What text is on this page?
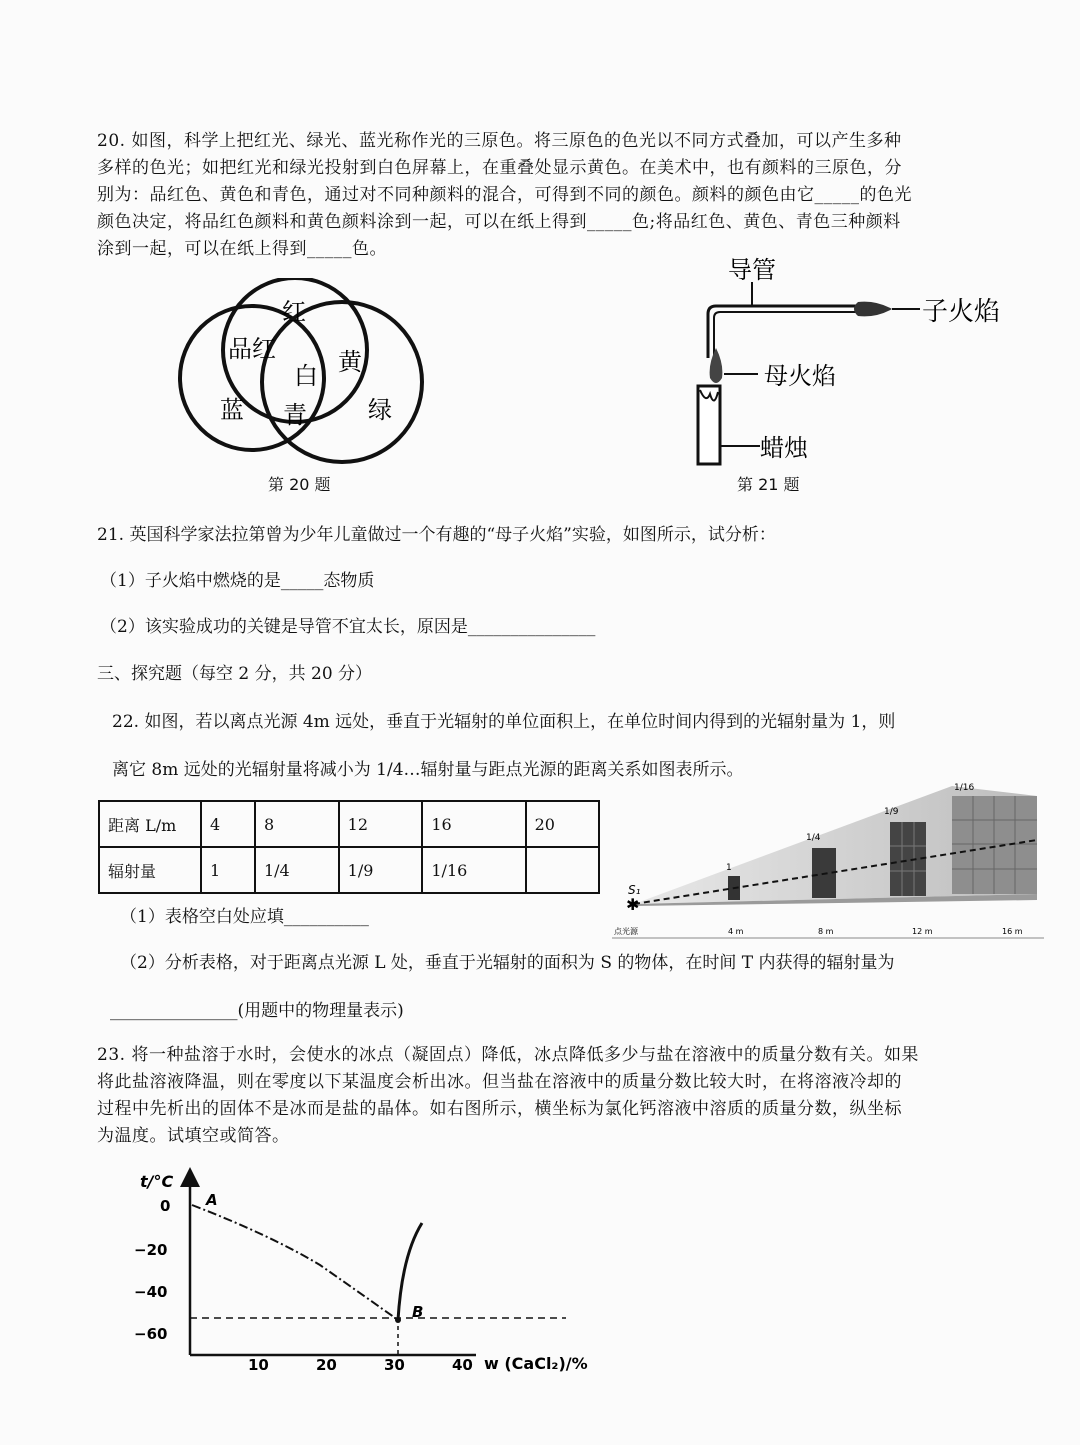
20. 如图，科学上把红光、绿光、蓝光称作光的三原色。将三原色的色光以不同方式叠加，可以产生多种
多样的色光；如把红光和绿光投射到白色屏幕上，在重叠处显示黄色。在美术中，也有颜料的三原色，分
别为：品红色、黄色和青色，通过对不同种颜料的混合，可得到不同的颜色。颜料的颜色由它_____的色光
颜色决定，将品红色颜料和黄色颜料涂到一起，可以在纸上得到_____色;将品红色、黄色、青色三种颜料
涂到一起，可以在纸上得到_____色。
红
品红	黄
白
蓝 青	绿
第 20 题
导管
子火焰
母火焰
蜡烛
第 21 题
21. 英国科学家法拉第曾为少年儿童做过一个有趣的“母子火焰”实验，如图所示，试分析：
（1）子火焰中燃烧的是_____态物质
（2）该实验成功的关键是导管不宜太长，原因是_______________
三、探究题（每空 2 分，共 20 分）
22. 如图，若以离点光源 4m 远处，垂直于光辐射的单位面积上，在单位时间内得到的光辐射量为 1，则
离它 8m 远处的光辐射量将减小为 1/4…辐射量与距点光源的距离关系如图表所示。
距离 L/m	4	8	12	16	20
辐射量	1	1/4	1/9	1/16	
✱
S₁
1
1/4
1/9
1/16
点光源	4 m	8 m	12 m	16 m
（1）表格空白处应填__________
（2）分析表格，对于距离点光源 L 处，垂直于光辐射的面积为 S 的物体，在时间 T 内获得的辐射量为
_______________(用题中的物理量表示)
23. 将一种盐溶于水时，会使水的冰点（凝固点）降低，冰点降低多少与盐在溶液中的质量分数有关。如果
将此盐溶液降温，则在零度以下某温度会析出冰。但当盐在溶液中的质量分数比较大时，在将溶液冷却的
过程中先析出的固体不是冰而是盐的晶体。如右图所示，横坐标为氯化钙溶液中溶质的质量分数，纵坐标
为温度。试填空或简答。
t/°C
w (CaCl₂)/%
0
−20
−40
−60
10	20	30	40
A
B
